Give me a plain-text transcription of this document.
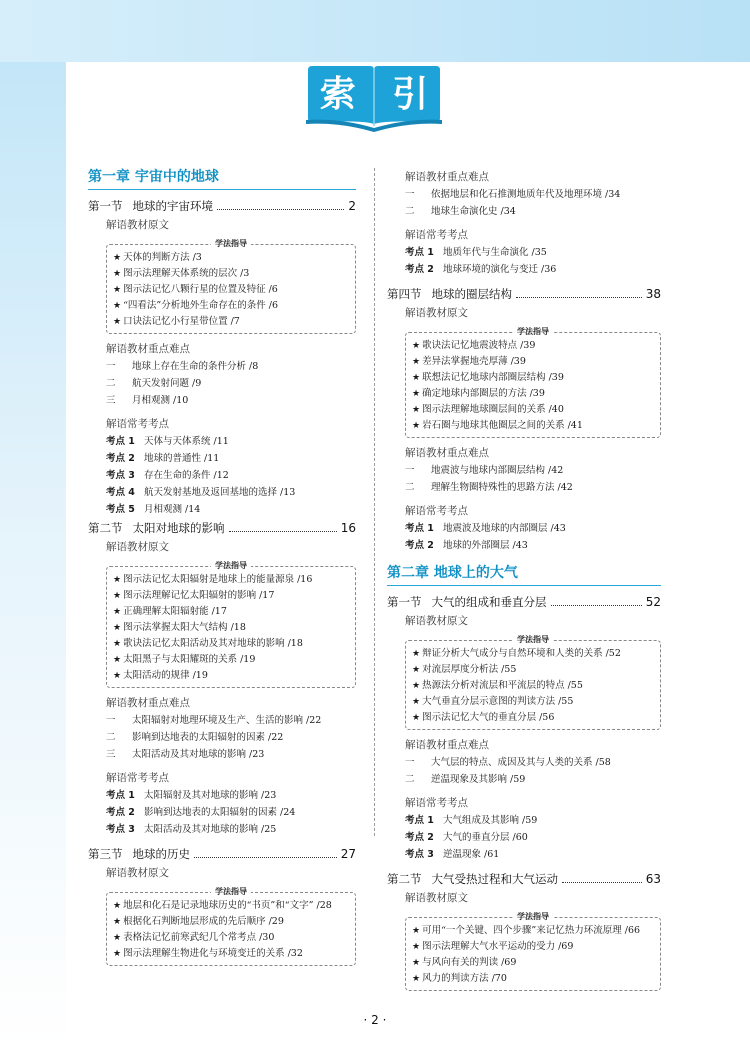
索 引
第一章 宇宙中的地球
第一节 地球的宇宙环境	2
解语教材原文
学法指导
★ 天体的判断方法 /3
★ 图示法理解天体系统的层次 /3
★ 图示法记忆八颗行星的位置及特征 /6
★ “四看法”分析地外生命存在的条件 /6
★ 口诀法记忆小行星带位置 /7
解语教材重点难点
一 地球上存在生命的条件分析 /8
二 航天发射问题 /9
三 月相观测 /10
解语常考考点
考点 1 天体与天体系统 /11
考点 2 地球的普通性 /11
考点 3 存在生命的条件 /12
考点 4 航天发射基地及返回基地的选择 /13
考点 5 月相观测 /14
第二节 太阳对地球的影响	16
解语教材原文
学法指导
★ 图示法记忆太阳辐射是地球上的能量源泉 /16
★ 图示法理解记忆太阳辐射的影响 /17
★ 正确理解太阳辐射能 /17
★ 图示法掌握太阳大气结构 /18
★ 歌诀法记忆太阳活动及其对地球的影响 /18
★ 太阳黑子与太阳耀斑的关系 /19
★ 太阳活动的规律 /19
解语教材重点难点
一 太阳辐射对地理环境及生产、生活的影响 /22
二 影响到达地表的太阳辐射的因素 /22
三 太阳活动及其对地球的影响 /23
解语常考考点
考点 1 太阳辐射及其对地球的影响 /23
考点 2 影响到达地表的太阳辐射的因素 /24
考点 3 太阳活动及其对地球的影响 /25
第三节 地球的历史	27
解语教材原文
学法指导
★ 地层和化石是记录地球历史的“书页”和“文字” /28
★ 根据化石判断地层形成的先后顺序 /29
★ 表格法记忆前寒武纪几个常考点 /30
★ 图示法理解生物进化与环境变迁的关系 /32
解语教材重点难点
一 依据地层和化石推测地质年代及地理环境 /34
二 地球生命演化史 /34
解语常考考点
考点 1 地质年代与生命演化 /35
考点 2 地球环境的演化与变迁 /36
第四节 地球的圈层结构	38
解语教材原文
学法指导
★ 歌诀法记忆地震波特点 /39
★ 差异法掌握地壳厚薄 /39
★ 联想法记忆地球内部圈层结构 /39
★ 确定地球内部圈层的方法 /39
★ 图示法理解地球圈层间的关系 /40
★ 岩石圈与地球其他圈层之间的关系 /41
解语教材重点难点
一 地震波与地球内部圈层结构 /42
二 理解生物圈特殊性的思路方法 /42
解语常考考点
考点 1 地震波及地球的内部圈层 /43
考点 2 地球的外部圈层 /43
第二章 地球上的大气
第一节 大气的组成和垂直分层	52
解语教材原文
学法指导
★ 辩证分析大气成分与自然环境和人类的关系 /52
★ 对流层厚度分析法 /55
★ 热源法分析对流层和平流层的特点 /55
★ 大气垂直分层示意图的判读方法 /55
★ 图示法记忆大气的垂直分层 /56
解语教材重点难点
一 大气层的特点、成因及其与人类的关系 /58
二 逆温现象及其影响 /59
解语常考考点
考点 1 大气组成及其影响 /59
考点 2 大气的垂直分层 /60
考点 3 逆温现象 /61
第二节 大气受热过程和大气运动	63
解语教材原文
学法指导
★ 可用“一个关键、四个步骤”来记忆热力环流原理 /66
★ 图示法理解大气水平运动的受力 /69
★ 与风向有关的判读 /69
★ 风力的判读方法 /70
· 2 ·
